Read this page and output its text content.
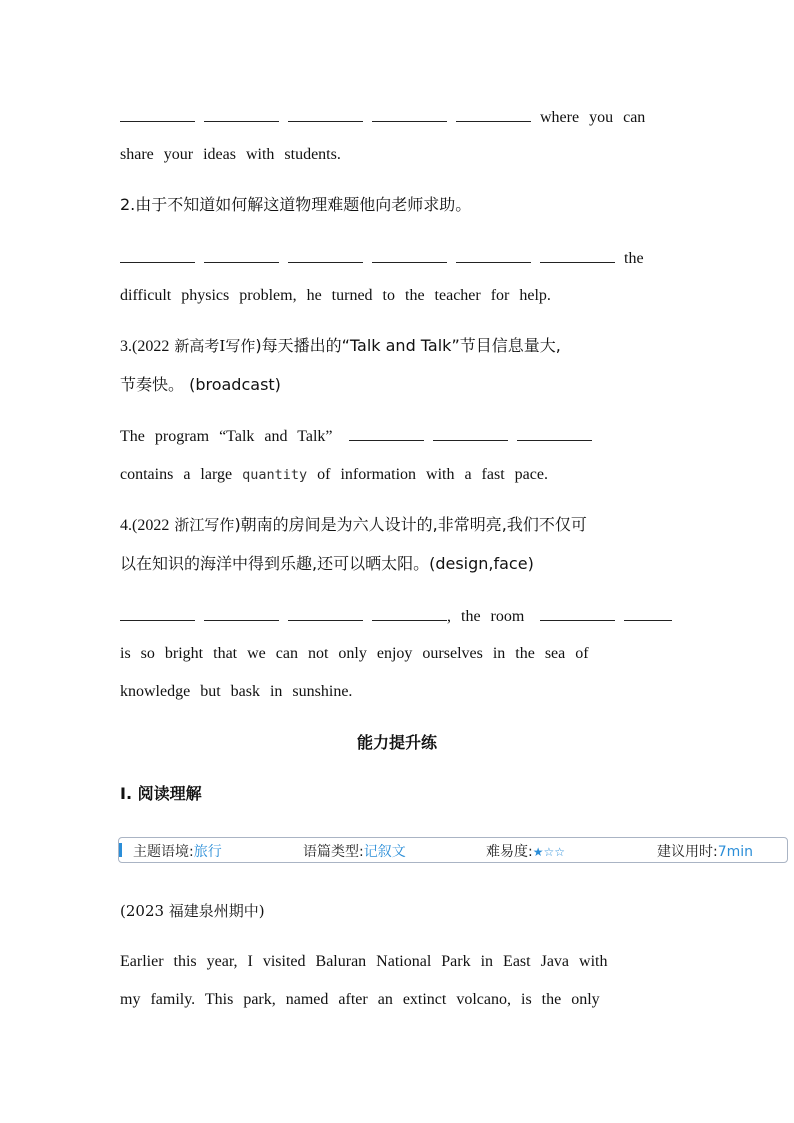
where you can
share your ideas with students.
2.由于不知道如何解这道物理难题他向老师求助。
the
difficult physics problem, he turned to the teacher for help.
3.(2022 新高考Ⅰ写作)每天播出的“Talk and Talk”节目信息量大,
节奏快。 (broadcast)
The program “Talk and Talk”
contains a large quantity of information with a fast pace.
4.(2022 浙江写作)朝南的房间是为六人设计的,非常明亮,我们不仅可
以在知识的海洋中得到乐趣,还可以晒太阳。(design,face)
, the room
is so bright that we can not only enjoy ourselves in the sea of
knowledge but bask in sunshine.
能力提升练
Ⅰ. 阅读理解
主题语境:旅行	语篇类型:记叙文	难易度:★☆☆	建议用时:7min
(2023 福建泉州期中)
Earlier this year, I visited Baluran National Park in East Java with
my family. This park, named after an extinct volcano, is the only
